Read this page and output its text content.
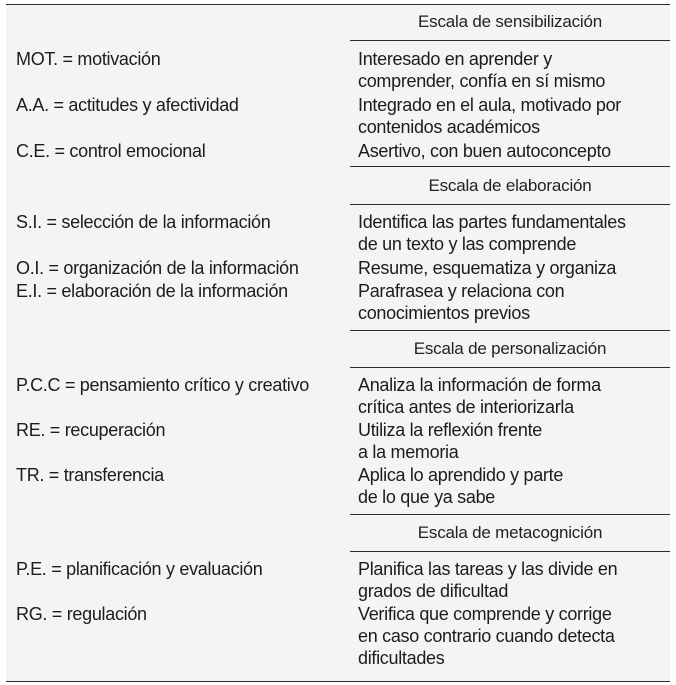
Escala de sensibilización
MOT. = motivación	Interesado en aprender y
comprender, confía en sí mismo
A.A. = actitudes y afectividad	Integrado en el aula, motivado por
contenidos académicos
C.E. = control emocional	Asertivo, con buen autoconcepto
Escala de elaboración
S.I. = selección de la información	Identifica las partes fundamentales
de un texto y las comprende
O.I. = organización de la información	Resume, esquematiza y organiza
E.I. = elaboración de la información	Parafrasea y relaciona con
conocimientos previos
Escala de personalización
P.C.C = pensamiento crítico y creativo	Analiza la información de forma
crítica antes de interiorizarla
RE. = recuperación	Utiliza la reflexión frente
a la memoria
TR. = transferencia	Aplica lo aprendido y parte
de lo que ya sabe
Escala de metacognición
P.E. = planificación y evaluación	Planifica las tareas y las divide en
grados de dificultad
RG. = regulación	Verifica que comprende y corrige
en caso contrario cuando detecta
dificultades
